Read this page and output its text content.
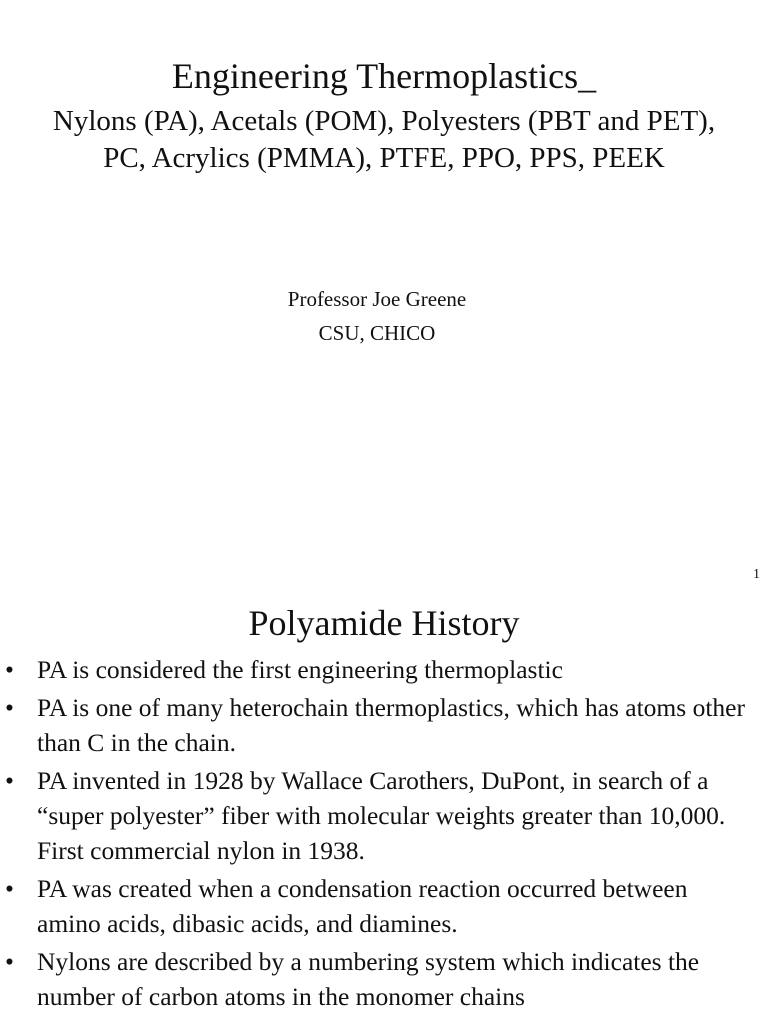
Engineering Thermoplastics_

Nylons (PA), Acetals (POM), Polyesters (PBT and PET),

PC, Acrylics (PMMA), PTFE, PPO, PPS, PEEK

Professor Joe Greene

CSU, CHICO

1
Polyamide History
• PA is considered the first engineering thermoplastic
• PA is one of many heterochain thermoplastics, which has atoms other than C in the chain.
• PA invented in 1928 by Wallace Carothers, DuPont, in search of a “super polyester” fiber with molecular weights greater than 10,000. First commercial nylon in 1938.
• PA was created when a condensation reaction occurred between amino acids, dibasic acids, and diamines.
• Nylons are described by a numbering system which indicates the number of carbon atoms in the monomer chains
